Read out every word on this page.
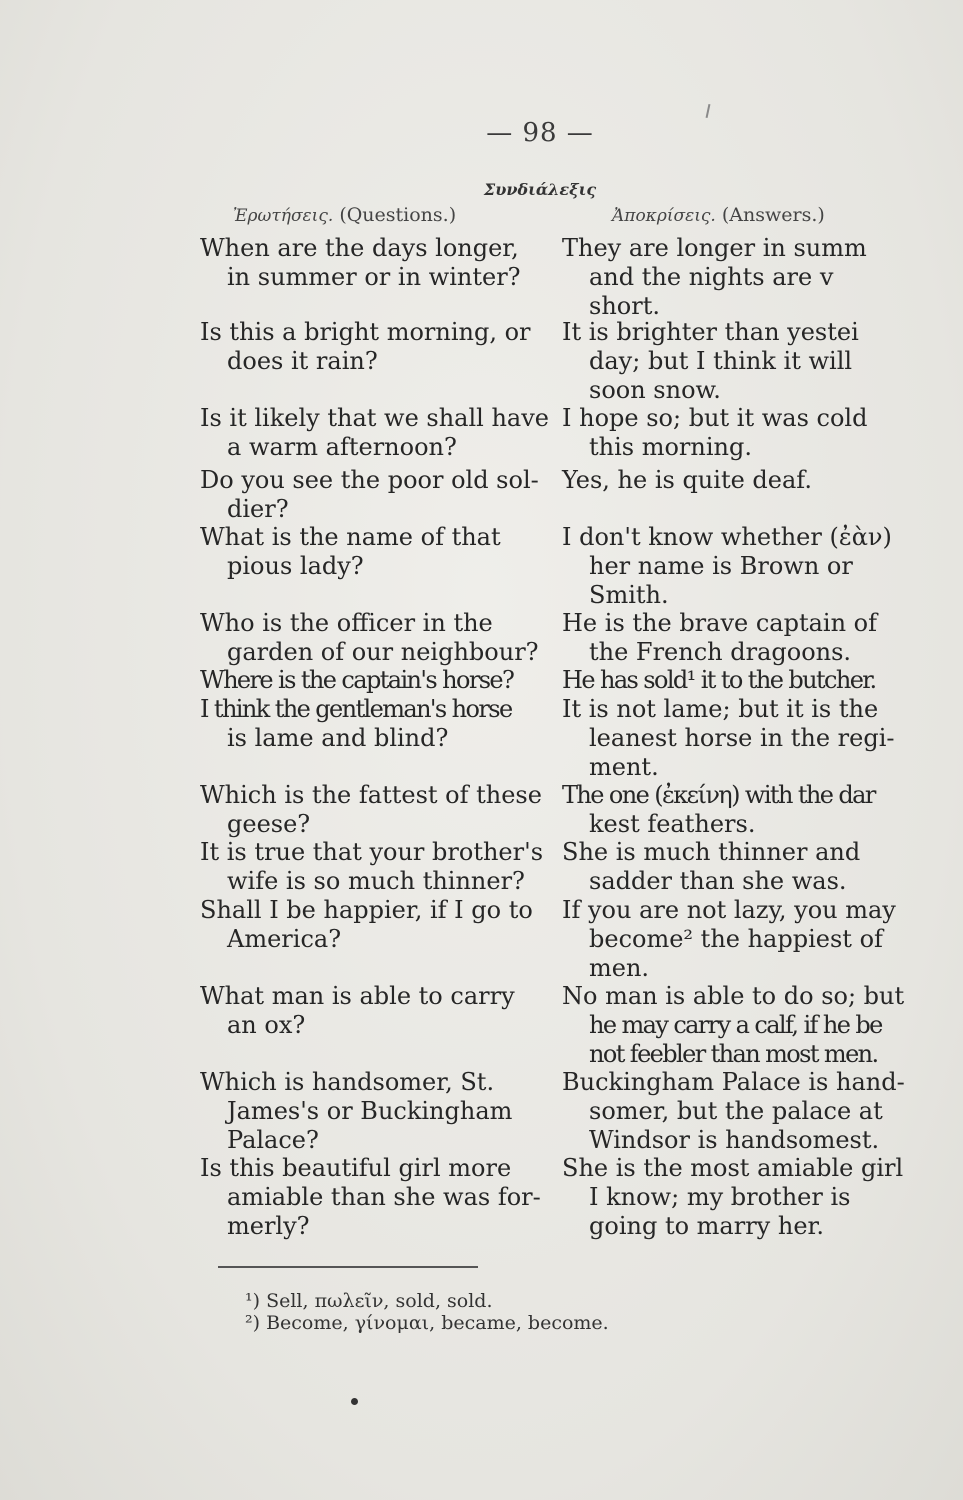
— 98 —
Συνδιάλεξις
Ἐρωτήσεις. (Questions.)	Ἀποκρίσεις. (Answers.)
When are the days longer,
in summer or in winter?
They are longer in summ
and the nights are v
short.
Is this a bright morning, or
does it rain?
It is brighter than yestei
day; but I think it will
soon snow.
Is it likely that we shall have
a warm afternoon?
I hope so; but it was cold
this morning.
Do you see the poor old sol-
dier?
Yes, he is quite deaf.
What is the name of that
pious lady?
I don't know whether (ἐὰν)
her name is Brown or
Smith.
Who is the officer in the
garden of our neighbour?
He is the brave captain of
the French dragoons.
Where is the captain's horse?	He has sold¹ it to the butcher.
I think the gentleman's horse
is lame and blind?
It is not lame; but it is the
leanest horse in the regi-
ment.
Which is the fattest of these
geese?
The one (ἐκείνη) with the dar
kest feathers.
It is true that your brother's
wife is so much thinner?
She is much thinner and
sadder than she was.
Shall I be happier, if I go to
America?
If you are not lazy, you may
become² the happiest of
men.
What man is able to carry
an ox?
No man is able to do so; but
he may carry a calf, if he be
not feebler than most men.
Which is handsomer, St.
James's or Buckingham
Palace?
Buckingham Palace is hand-
somer, but the palace at
Windsor is handsomest.
Is this beautiful girl more
amiable than she was for-
merly?
She is the most amiable girl
I know; my brother is
going to marry her.
¹) Sell, πωλεῖν, sold, sold.
²) Become, γίνομαι, became, become.
